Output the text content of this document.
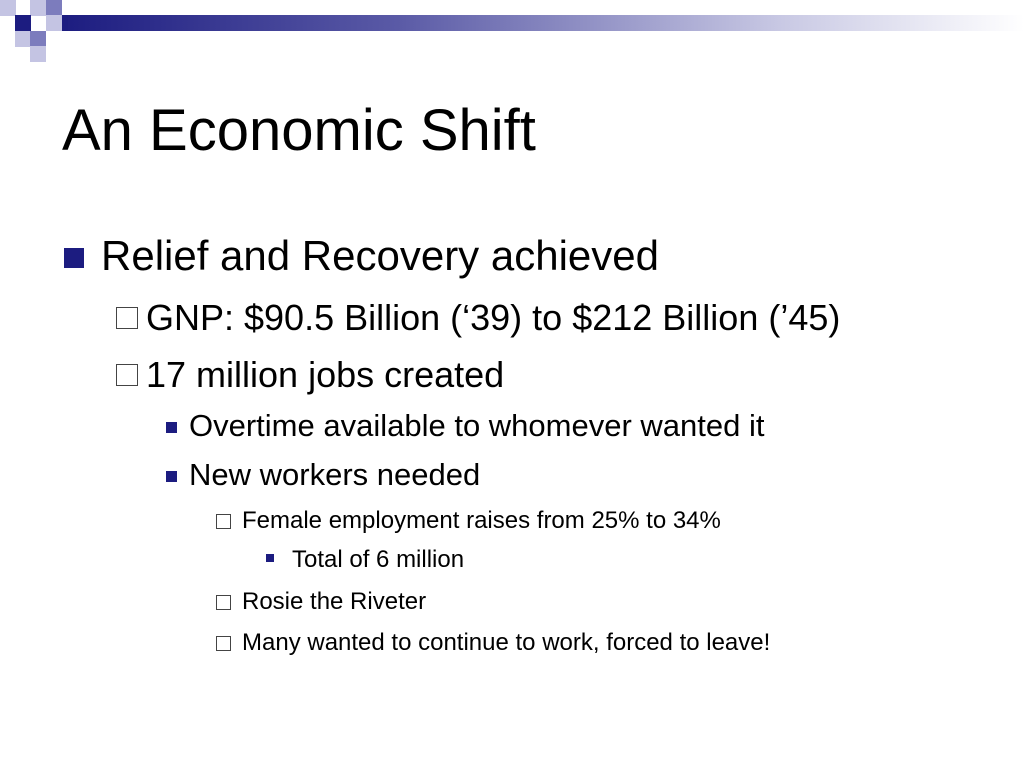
An Economic Shift
Relief and Recovery achieved
GNP: $90.5 Billion (‘39) to $212 Billion (’45)
17 million jobs created
Overtime available to whomever wanted it
New workers needed
Female employment raises from 25% to 34%
Total of 6 million
Rosie the Riveter
Many wanted to continue to work, forced to leave!
